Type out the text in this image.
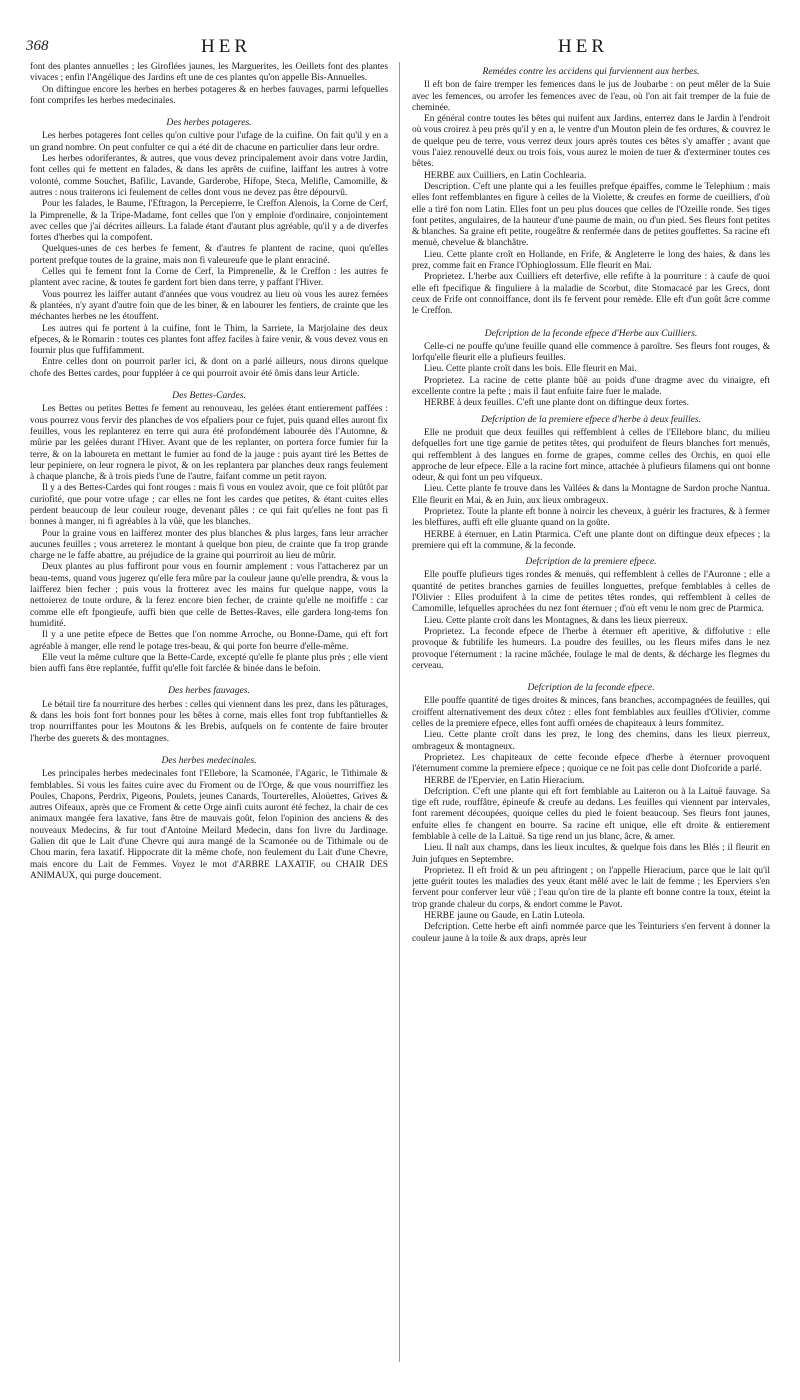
368	HER	HER

font des plantes annuelles ; les Giroflées jaunes, les Marguerites, les Oeillets font des plantes vivaces ; enfin l'Angélique des Jardins eft une de ces plantes qu'on appelle Bis-Annuelles.

On diftingue encore les herbes en herbes potageres & en herbes fauvages, parmi lefquelles font comprifes les herbes medecinales.

Des herbes potageres.

Les herbes potageres font celles qu'on cultive pour l'ufage de la cuifine. On fait qu'il y en a un grand nombre. On peut confulter ce qui a été dit de chacune en particulier dans leur ordre.

Les herbes odoriferantes, & autres, que vous devez principalement avoir dans votre Jardin, font celles qui fe mettent en falades, & dans les aprêts de cuifine, laiffant les autres à votre volonté, comme Souchet, Bafilic, Lavande, Garderobe, Hifope, Steca, Melifle, Camomille, & autres : nous traiterons ici feulement de celles dont vous ne devez pas être dépourvû.

Pour les falades, le Baume, l'Eftragon, la Percepierre, le Creffon Alenois, la Corne de Cerf, la Pimprenelle, & la Tripe-Madame, font celles que l'on y emploie d'ordinaire, conjointement avec celles que j'ai décrites ailleurs. La falade étant d'autant plus agréable, qu'il y a de diverfes fortes d'herbes qui la compofent.

Quelques-unes de ces herbes fe fement, & d'autres fe plantent de racine, quoi qu'elles portent prefque toutes de la graine, mais non fi valeureufe que le plant enraciné.

Celles qui fe fement font la Corne de Cerf, la Pimprenelle, & le Creffon : les autres fe plantent avec racine, & toutes fe gardent fort bien dans terre, y paffant l'Hiver.

Vous pourrez les laiffer autant d'années que vous voudrez au lieu où vous les aurez femées & plantées, n'y ayant d'autre foin que de les biner, & en labourer les fentiers, de crainte que les méchantes herbes ne les étouffent.

Les autres qui fe portent à la cuifine, font le Thim, la Sarriete, la Marjolaine des deux efpeces, & le Romarin : toutes ces plantes font affez faciles à faire venir, & vous devez vous en fournir plus que fuffifamment.

Entre celles dont on pourroit parler ici, & dont on a parlé ailleurs, nous dirons quelque chofe des Bettes cardes, pour fuppléer à ce qui pourroit avoir été ômis dans leur Article.

Des Bettes-Cardes.

Les Bettes ou petites Bettes fe fement au renouveau, les gelées étant entierement paffées : vous pourrez vous fervir des planches de vos efpaliers pour ce fujet, puis quand elles auront fix feuilles, vous les replanterez en terre qui aura été profondément labourée dès l'Automne, & mûrie par les gelées durant l'Hiver. Avant que de les replanter, on portera force fumier fur la terre, & on la laboureta en mettant le fumier au fond de la jauge : puis ayant tiré les Bettes de leur pepiniere, on leur rognera le pivot, & on les replantera par planches deux rangs feulement à chaque planche, & à trois pieds l'une de l'autre, faifant comme un petit rayon.

Il y a des Bettes-Cardes qui font rouges : mais fi vous en voulez avoir, que ce foit plûtôt par curiofité, que pour votre ufage ; car elles ne font les cardes que petites, & étant cuites elles perdent beaucoup de leur couleur rouge, devenant pâles : ce qui fait qu'elles ne font pas fi bonnes à manger, ni fi agréables à la vûë, que les blanches.

Pour la graine vous en laifferez monter des plus blanches & plus larges, fans leur arracher aucunes feuilles ; vous arreterez le montant à quelque bon pieu, de crainte que fa trop grande charge ne le faffe abattre, au préjudice de la graine qui pourriroit au lieu de mûrir.

Deux plantes au plus fuffiront pour vous en fournir amplement : vous l'attacherez par un beau-tems, quand vous jugerez qu'elle fera mûre par la couleur jaune qu'elle prendra, & vous la laifferez bien fecher ; puis vous la frotterez avec les mains fur quelque nappe, vous la nettoierez de toute ordure, & la ferez encore bien fecher, de crainte qu'elle ne moififfe : car comme elle eft fpongieufe, auffi bien que celle de Bettes-Raves, elle gardera long-tems fon humidité.

Il y a une petite efpece de Bettes que l'on nomme Arroche, ou Bonne-Dame, qui eft fort agréable à manger, elle rend le potage tres-beau, & qui porte fon beurre d'elle-même.

Elle veut la même culture que la Bette-Carde, excepté qu'elle fe plante plus près ; elle vient bien auffi fans être replantée, fuffit qu'elle foit farclée & binée dans le befoin.

Des herbes fauvages.

Le bétail tire fa nourriture des herbes : celles qui viennent dans les prez, dans les pâturages, & dans les bois font fort bonnes pour les bêtes à corne, mais elles font trop fubftantielles & trop nourriffantes pour les Moutons & les Brebis, aufquels on fe contente de faire brouter l'herbe des guerets & des montagnes.

Des herbes medecinales.

Les principales herbes medecinales font l'Ellebore, la Scamonée, l'Agaric, le Tithimale & femblables. Si vous les faites cuire avec du Froment ou de l'Orge, & que vous nourriffiez les Poules, Chapons, Perdrix, Pigeons, Poulets, jeunes Canards, Tourterelles, Aloüettes, Grives & autres Oifeaux, après que ce Froment & cette Orge ainfi cuits auront été fechez, la chair de ces animaux mangée fera laxative, fans être de mauvais goût, felon l'opinion des anciens & des nouveaux Medecins, & fur tout d'Antoine Meilard Medecin, dans fon livre du Jardinage. Galien dit que le Lait d'une Chevre qui aura mangé de la Scamonée ou de Tithimale ou de Chou marin, fera laxatif. Hippocrate dit la même chofe, non feulement du Lait d'une Chevre, mais encore du Lait de Femmes. Voyez le mot d'ARBRE LAXATIF, ou CHAIR DES ANIMAUX, qui purge doucement.

Remédes contre les accidens qui furviennent aux herbes.

Il eft bon de faire tremper les femences dans le jus de Joubarbe : on peut mêler de la Suie avec les femences, ou arrofer les femences avec de l'eau, où l'on ait fait tremper de la fuie de cheminée.

En général contre toutes les bêtes qui nuifent aux Jardins, enterrez dans le Jardin à l'endroit où vous croirez à peu près qu'il y en a, le ventre d'un Mouton plein de fes ordures, & couvrez le de quelque peu de terre, vous verrez deux jours après toutes ces bêtes s'y amaffer ; avant que vous l'aiez renouvellé deux ou trois fois, vous aurez le moien de tuer & d'exterminer toutes ces bêtes.

HERBE aux Cuilliers, en Latin Cochlearia.

Description. C'eft une plante qui a les feuilles prefque épaiffes, comme le Telephium : mais elles font reffemblantes en figure à celles de la Violette, & creufes en forme de cueilliers, d'où elle a tiré fon nom Latin. Elles font un peu plus douces que celles de l'Ozeille ronde. Ses tiges font petites, angulaires, de la hauteur d'une paume de main, ou d'un pied. Ses fleurs font petites & blanches. Sa graine eft petite, rougeâtre & renfermée dans de petites gouffettes. Sa racine eft menuë, chevelue & blanchâtre.

Lieu. Cette plante croît en Hollande, en Frife, & Angleterre le long des haies, & dans les prez, comme fait en France l'Ophioglossum. Elle fleurit en Mai.

Proprietez. L'herbe aux Cuilliers eft deterfive, elle refifte à la pourriture : à caufe de quoi elle eft fpecifique & finguliere à la maladie de Scorbut, dite Stomacacé par les Grecs, dont ceux de Frife ont connoiffance, dont ils fe fervent pour remède. Elle eft d'un goût âcre comme le Creffon.

Defcription de la feconde efpece d'Herbe aux Cuilliers.

Celle-ci ne pouffe qu'une feuille quand elle commence à paroître. Ses fleurs font rouges, & lorfqu'elle fleurit elle a plufieurs feuilles.

Lieu. Cette plante croît dans les bois. Elle fleurit en Mai.

Proprietez. La racine de cette plante bûë au poids d'une dragme avec du vinaigre, eft excellente contre la pefte ; mais il faut enfuite faire fuer le malade.

HERBE à deux feuilles. C'eft une plante dont on diftingue deux fortes.

Defcription de la premiere efpece d'herbe à deux feuilles.

Elle ne produit que deux feuilles qui reffemblent à celles de l'Ellebore blanc, du milieu defquelles fort une tige garnie de petites têtes, qui produifent de fleurs blanches fort menuës, qui reffemblent à des langues en forme de grapes, comme celles des Orchis, en quoi elle approche de leur efpece. Elle a la racine fort mince, attachée à plufieurs filamens qui ont bonne odeur, & qui font un peu vifqueux.

Lieu. Cette plante fe trouve dans les Vallées & dans la Montagne de Sardon proche Nantua. Elle fleurit en Mai, & en Juin, aux lieux ombrageux.

Proprietez. Toute la plante eft bonne à noircir les cheveux, à guérir les fractures, & à fermer les bleffures, auffi eft elle gluante quand on la goûte.

HERBE à éternuer, en Latin Ptarmica. C'eft une plante dont on diftingue deux efpeces ; la premiere qui eft la commune, & la feconde.

Defcription de la premiere efpece.

Elle pouffe plufieurs tiges rondes & menuës, qui reffemblent à celles de l'Auronne ; elle a quantité de petites branches garnies de feuilles longuettes, prefque femblables à celles de l'Olivier : Elles produifent à la cime de petites têtes rondes, qui reffemblent à celles de Camomille, lefquelles aprochées du nez font éternuer ; d'où eft venu le nom grec de Ptarmica.

Lieu. Cette plante croît dans les Montagnes, & dans les lieux pierreux.

Proprietez. La feconde efpece de l'herbe à éternuer eft aperitive, & diffolutive : elle provoque & fubtilife les humeurs. La poudre des feuilles, ou les fleurs mifes dans le nez provoque l'éternument : la racine mâchée, foulage le mal de dents, & décharge les flegmes du cerveau.

Defcription de la feconde efpece.

Elle pouffe quantité de tiges droites & minces, fans branches, accompagnées de feuilles, qui croiffent alternativement des deux côtez : elles font femblables aux feuilles d'Olivier, comme celles de la premiere efpece, elles font auffi ornées de chapiteaux à leurs fommitez.

Lieu. Cette plante croît dans les prez, le long des chemins, dans les lieux pierreux, ombrageux & montagneux.

Proprietez. Les chapiteaux de cette feconde efpece d'herbe à éternuer provoquent l'éternument comme la premiere efpece ; quoique ce ne foit pas celle dont Diofcoride a parlé.

HERBE de l'Epervier, en Latin Hieracium.

Defcription. C'eft une plante qui eft fort femblable au Laiteron ou à la Laituë fauvage. Sa tige eft rude, rouffâtre, épineufe & creufe au dedans. Les feuilles qui viennent par intervales, font rarement découpées, quoique celles du pied le foient beaucoup. Ses fleurs font jaunes, enfuite elles fe changent en bourre. Sa racine eft unique, elle eft droite & entierement femblable à celle de la Laituë. Sa tige rend un jus blanc, âcre, & amer.

Lieu. Il naît aux champs, dans les lieux incultes, & quelque fois dans les Blés ; il fleurit en Juin jufques en Septembre.

Proprietez. Il eft froid & un peu aftringent ; on l'appelle Hieracium, parce que le lait qu'il jette guérit toutes les maladies des yeux étant mêlé avec le lait de femme ; les Eperviers s'en fervent pour conferver leur vûë ; l'eau qu'on tire de la plante eft bonne contre la toux, éteint la trop grande chaleur du corps, & endort comme le Pavot.

HERBE jaune ou Gaude, en Latin Luteola.

Defcription. Cette herbe eft ainfi nommée parce que les Teinturiers s'en fervent à donner la couleur jaune à la toile & aux draps, après leur
